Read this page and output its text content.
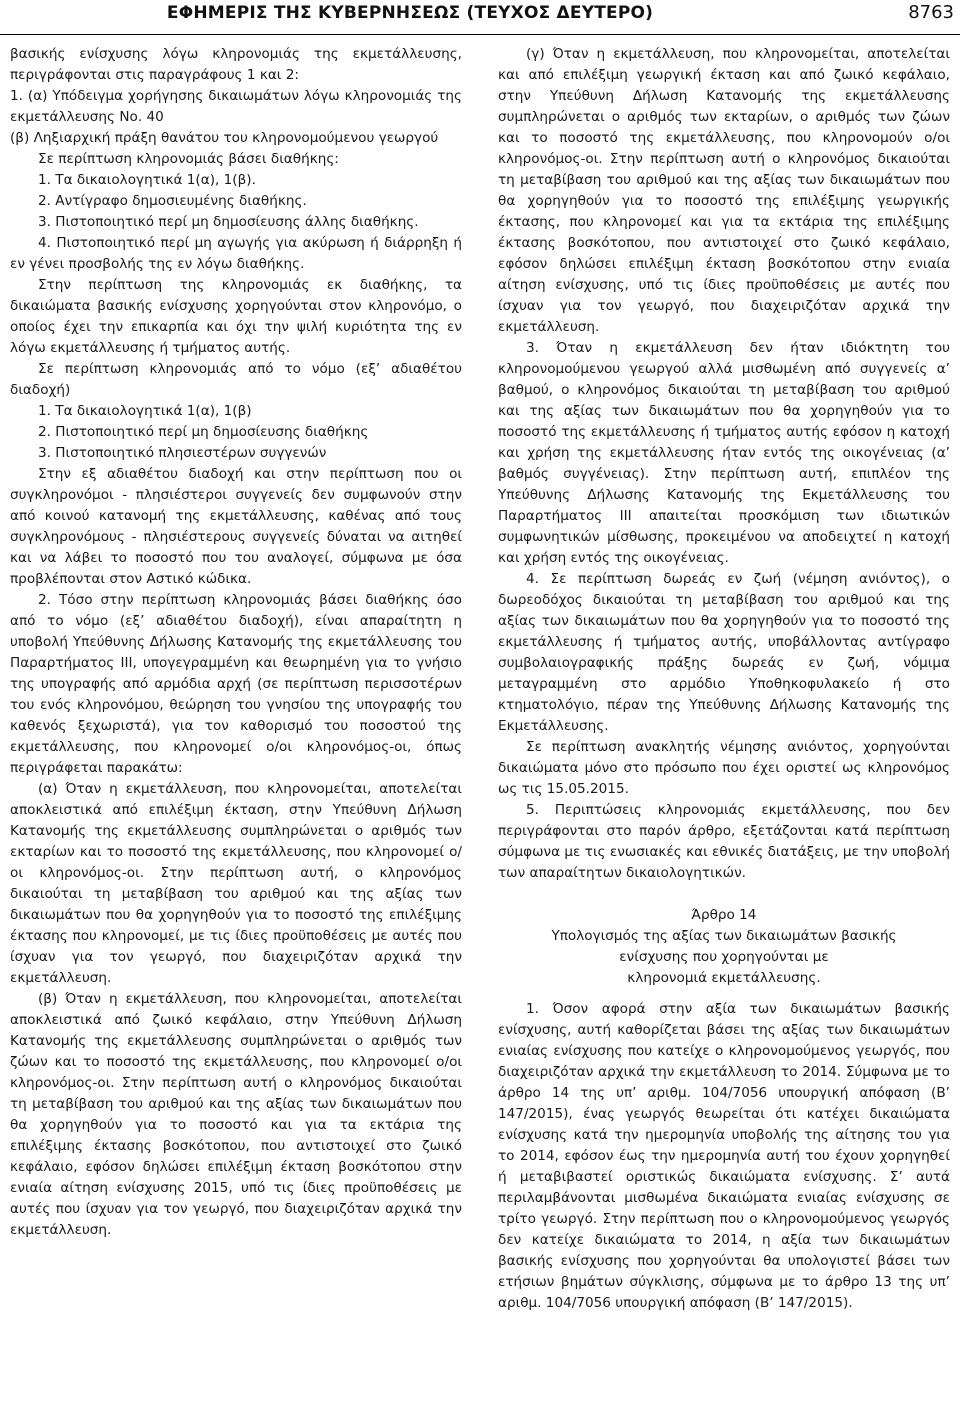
ΕΦΗΜΕΡΙΣ ΤΗΣ ΚΥΒΕΡΝΗΣΕΩΣ (ΤΕΥΧΟΣ ΔΕΥΤΕΡΟ)	8763

βασικής ενίσχυσης λόγω κληρονομιάς της εκμετάλλευσης, περιγράφονται στις παραγράφους 1 και 2:

1. (α) Υπόδειγμα χορήγησης δικαιωμάτων λόγω κληρονομιάς της εκμετάλλευσης Νο. 40

(β) Ληξιαρχική πράξη θανάτου του κληρονομούμενου γεωργού

Σε περίπτωση κληρονομιάς βάσει διαθήκης:

1. Τα δικαιολογητικά 1(α), 1(β).

2. Αντίγραφο δημοσιευμένης διαθήκης.

3. Πιστοποιητικό περί μη δημοσίευσης άλλης διαθήκης.

4. Πιστοποιητικό περί μη αγωγής για ακύρωση ή διάρρηξη ή εν γένει προσβολής της εν λόγω διαθήκης.

Στην περίπτωση της κληρονομιάς εκ διαθήκης, τα δικαιώματα βασικής ενίσχυσης χορηγούνται στον κληρονόμο, ο οποίος έχει την επικαρπία και όχι την ψιλή κυριότητα της εν λόγω εκμετάλλευσης ή τμήματος αυτής.

Σε περίπτωση κληρονομιάς από το νόμο (εξ’ αδιαθέτου διαδοχή)

1. Τα δικαιολογητικά 1(α), 1(β)

2. Πιστοποιητικό περί μη δημοσίευσης διαθήκης

3. Πιστοποιητικό πλησιεστέρων συγγενών

Στην εξ αδιαθέτου διαδοχή και στην περίπτωση που οι συγκληρονόμοι - πλησιέστεροι συγγενείς δεν συμφωνούν στην από κοινού κατανομή της εκμετάλλευσης, καθένας από τους συγκληρονόμους - πλησιέστερους συγγενείς δύναται να αιτηθεί και να λάβει το ποσοστό που του αναλογεί, σύμφωνα με όσα προβλέπονται στον Αστικό κώδικα.

2. Τόσο στην περίπτωση κληρονομιάς βάσει διαθήκης όσο από το νόμο (εξ’ αδιαθέτου διαδοχή), είναι απαραίτητη η υποβολή Υπεύθυνης Δήλωσης Κατανομής της εκμετάλλευσης του Παραρτήματος ΙΙΙ, υπογεγραμμένη και θεωρημένη για το γνήσιο της υπογραφής από αρμόδια αρχή (σε περίπτωση περισσοτέρων του ενός κληρονόμου, θεώρηση του γνησίου της υπογραφής του καθενός ξεχωριστά), για τον καθορισμό του ποσοστού της εκμετάλλευσης, που κληρονομεί ο/οι κληρονόμος-οι, όπως περιγράφεται παρακάτω:

(α) Όταν η εκμετάλλευση, που κληρονομείται, αποτελείται αποκλειστικά από επιλέξιμη έκταση, στην Υπεύθυνη Δήλωση Κατανομής της εκμετάλλευσης συμπληρώνεται ο αριθμός των εκταρίων και το ποσοστό της εκμετάλλευσης, που κληρονομεί ο/οι κληρονόμος-οι. Στην περίπτωση αυτή, ο κληρονόμος δικαιούται τη μεταβίβαση του αριθμού και της αξίας των δικαιωμάτων που θα χορηγηθούν για το ποσοστό της επιλέξιμης έκτασης που κληρονομεί, με τις ίδιες προϋποθέσεις με αυτές που ίσχυαν για τον γεωργό, που διαχειριζόταν αρχικά την εκμετάλλευση.

(β) Όταν η εκμετάλλευση, που κληρονομείται, αποτελείται αποκλειστικά από ζωικό κεφάλαιο, στην Υπεύθυνη Δήλωση Κατανομής της εκμετάλλευσης συμπληρώνεται ο αριθμός των ζώων και το ποσοστό της εκμετάλλευσης, που κληρονομεί ο/οι κληρονόμος-οι. Στην περίπτωση αυτή ο κληρονόμος δικαιούται τη μεταβίβαση του αριθμού και της αξίας των δικαιωμάτων που θα χορηγηθούν για το ποσοστό και για τα εκτάρια της επιλέξιμης έκτασης βοσκότοπου, που αντιστοιχεί στο ζωικό κεφάλαιο, εφόσον δηλώσει επιλέξιμη έκταση βοσκότοπου στην ενιαία αίτηση ενίσχυσης 2015, υπό τις ίδιες προϋποθέσεις με αυτές που ίσχυαν για τον γεωργό, που διαχειριζόταν αρχικά την εκμετάλλευση.

(γ) Όταν η εκμετάλλευση, που κληρονομείται, αποτελείται και από επιλέξιμη γεωργική έκταση και από ζωικό κεφάλαιο, στην Υπεύθυνη Δήλωση Κατανομής της εκμετάλλευσης συμπληρώνεται ο αριθμός των εκταρίων, ο αριθμός των ζώων και το ποσοστό της εκμετάλλευσης, που κληρονομούν ο/οι κληρονόμος-οι. Στην περίπτωση αυτή ο κληρονόμος δικαιούται τη μεταβίβαση του αριθμού και της αξίας των δικαιωμάτων που θα χορηγηθούν για το ποσοστό της επιλέξιμης γεωργικής έκτασης, που κληρονομεί και για τα εκτάρια της επιλέξιμης έκτασης βοσκότοπου, που αντιστοιχεί στο ζωικό κεφάλαιο, εφόσον δηλώσει επιλέξιμη έκταση βοσκότοπου στην ενιαία αίτηση ενίσχυσης, υπό τις ίδιες προϋποθέσεις με αυτές που ίσχυαν για τον γεωργό, που διαχειριζόταν αρχικά την εκμετάλλευση.

3. Όταν η εκμετάλλευση δεν ήταν ιδιόκτητη του κληρονομούμενου γεωργού αλλά μισθωμένη από συγγενείς α’ βαθμού, ο κληρονόμος δικαιούται τη μεταβίβαση του αριθμού και της αξίας των δικαιωμάτων που θα χορηγηθούν για το ποσοστό της εκμετάλλευσης ή τμήματος αυτής εφόσον η κατοχή και χρήση της εκμετάλλευσης ήταν εντός της οικογένειας (α’ βαθμός συγγένειας). Στην περίπτωση αυτή, επιπλέον της Υπεύθυνης Δήλωσης Κατανομής της Εκμετάλλευσης του Παραρτήματος ΙΙΙ απαιτείται προσκόμιση των ιδιωτικών συμφωνητικών μίσθωσης, προκειμένου να αποδειχτεί η κατοχή και χρήση εντός της οικογένειας.

4. Σε περίπτωση δωρεάς εν ζωή (νέμηση ανιόντος), ο δωρεοδόχος δικαιούται τη μεταβίβαση του αριθμού και της αξίας των δικαιωμάτων που θα χορηγηθούν για το ποσοστό της εκμετάλλευσης ή τμήματος αυτής, υποβάλλοντας αντίγραφο συμβολαιογραφικής πράξης δωρεάς εν ζωή, νόμιμα μεταγραμμένη στο αρμόδιο Υποθηκοφυλακείο ή στο κτηματολόγιο, πέραν της Υπεύθυνης Δήλωσης Κατανομής της Εκμετάλλευσης.

Σε περίπτωση ανακλητής νέμησης ανιόντος, χορηγούνται δικαιώματα μόνο στο πρόσωπο που έχει οριστεί ως κληρονόμος ως τις 15.05.2015.

5. Περιπτώσεις κληρονομιάς εκμετάλλευσης, που δεν περιγράφονται στο παρόν άρθρο, εξετάζονται κατά περίπτωση σύμφωνα με τις ενωσιακές και εθνικές διατάξεις, με την υποβολή των απαραίτητων δικαιολογητικών.

Άρθρο 14

Υπολογισμός της αξίας των δικαιωμάτων βασικής

ενίσχυσης που χορηγούνται με

κληρονομιά εκμετάλλευσης.

1. Όσον αφορά στην αξία των δικαιωμάτων βασικής ενίσχυσης, αυτή καθορίζεται βάσει της αξίας των δικαιωμάτων ενιαίας ενίσχυσης που κατείχε ο κληρονομούμενος γεωργός, που διαχειριζόταν αρχικά την εκμετάλλευση το 2014. Σύμφωνα με το άρθρο 14 της υπ’ αριθμ. 104/7056 υπουργική απόφαση (Β’ 147/2015), ένας γεωργός θεωρείται ότι κατέχει δικαιώματα ενίσχυσης κατά την ημερομηνία υποβολής της αίτησης του για το 2014, εφόσον έως την ημερομηνία αυτή του έχουν χορηγηθεί ή μεταβιβαστεί οριστικώς δικαιώματα ενίσχυσης. Σ’ αυτά περιλαμβάνονται μισθωμένα δικαιώματα ενιαίας ενίσχυσης σε τρίτο γεωργό. Στην περίπτωση που ο κληρονομούμενος γεωργός δεν κατείχε δικαιώματα το 2014, η αξία των δικαιωμάτων βασικής ενίσχυσης που χορηγούνται θα υπολογιστεί βάσει των ετήσιων βημάτων σύγκλισης, σύμφωνα με το άρθρο 13 της υπ’ αριθμ. 104/7056 υπουργική απόφαση (Β’ 147/2015).
